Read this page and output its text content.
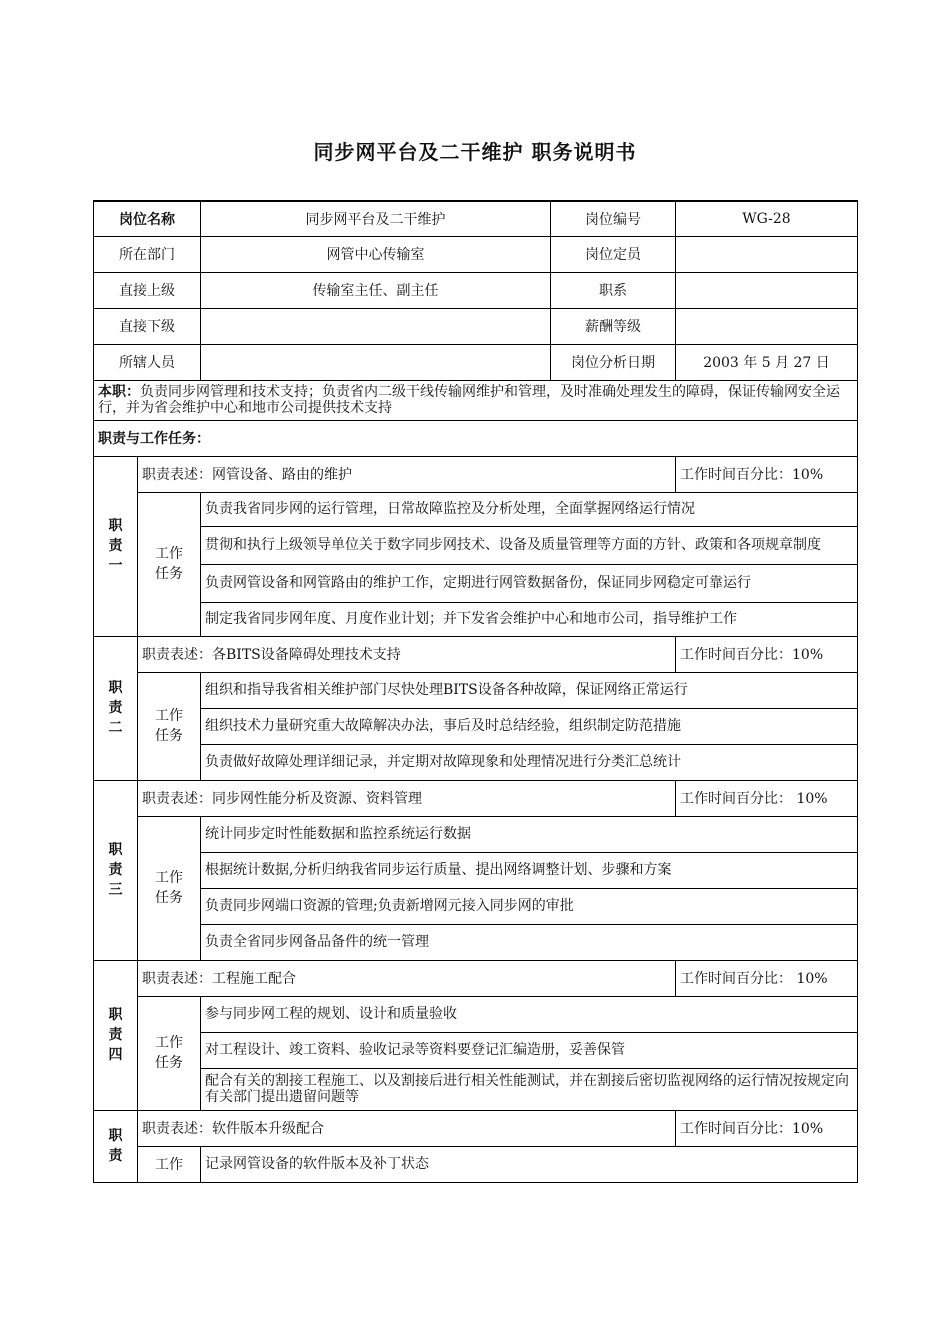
同步网平台及二干维护 职务说明书
岗位名称		同步网平台及二干维护	岗位编号	WG-28
所在部门		网管中心传输室	岗位定员	
直接上级		传输室主任、副主任	职系	
直接下级			薪酬等级	
所辖人员			岗位分析日期	2003 年 5 月 27 日
本职：负责同步网管理和技术支持；负责省内二级干线传输网维护和管理，及时准确处理发生的障碍，保证传输网安全运行，并为省会维护中心和地市公司提供技术支持				
职责与工作任务：				
职责一	职责表述：网管设备、路由的维护			工作时间百分比：10%
	工作任务	负责我省同步网的运行管理，日常故障监控及分析处理，全面掌握网络运行情况		
		贯彻和执行上级领导单位关于数字同步网技术、设备及质量管理等方面的方针、政策和各项规章制度		
		负责网管设备和网管路由的维护工作，定期进行网管数据备份，保证同步网稳定可靠运行		
		制定我省同步网年度、月度作业计划；并下发省会维护中心和地市公司，指导维护工作		
职责二	职责表述：各BITS设备障碍处理技术支持			工作时间百分比：10%
	工作任务	组织和指导我省相关维护部门尽快处理BITS设备各种故障，保证网络正常运行		
		组织技术力量研究重大故障解决办法，事后及时总结经验，组织制定防范措施		
		负责做好故障处理详细记录，并定期对故障现象和处理情况进行分类汇总统计		
职责三	职责表述：同步网性能分析及资源、资料管理			工作时间百分比： 10%
	工作任务	统计同步定时性能数据和监控系统运行数据		
		根据统计数据,分析归纳我省同步运行质量、提出网络调整计划、步骤和方案		
		负责同步网端口资源的管理;负责新增网元接入同步网的审批		
		负责全省同步网备品备件的统一管理		
职责四	职责表述：工程施工配合			工作时间百分比： 10%
	工作任务	参与同步网工程的规划、设计和质量验收		
		对工程设计、竣工资料、验收记录等资料要登记汇编造册，妥善保管		
		配合有关的割接工程施工、以及割接后进行相关性能测试，并在割接后密切监视网络的运行情况按规定向有关部门提出遗留问题等		
职责	职责表述：软件版本升级配合			工作时间百分比：10%
	工作	记录网管设备的软件版本及补丁状态		
